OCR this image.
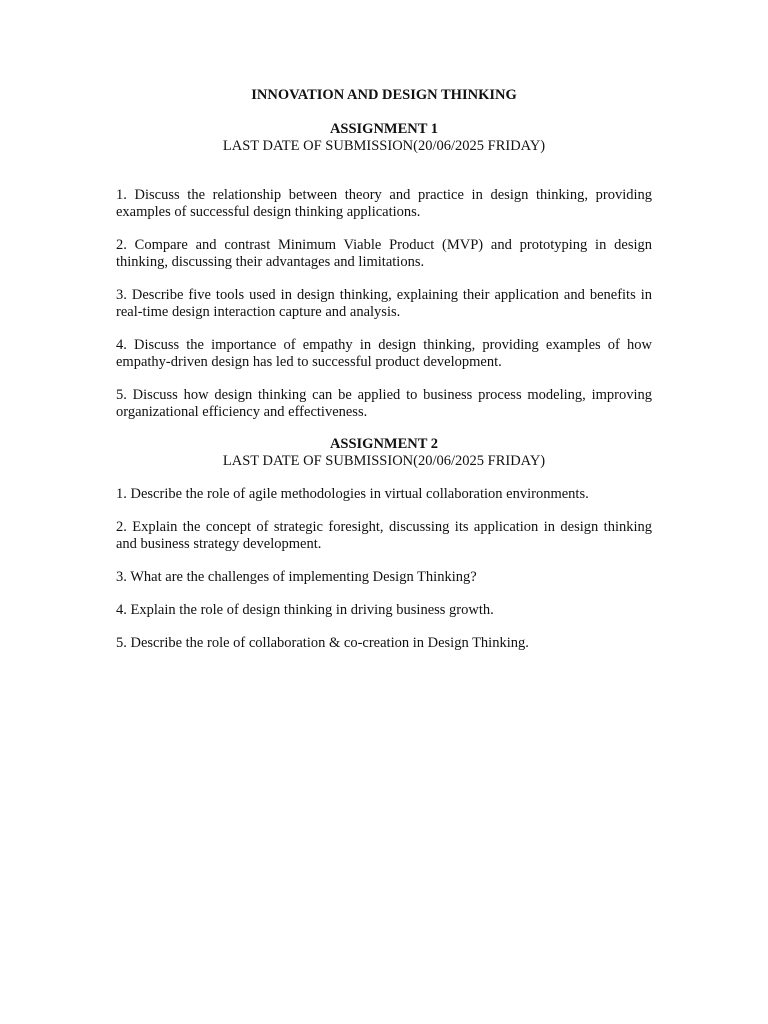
INNOVATION AND DESIGN THINKING
ASSIGNMENT 1
LAST DATE OF SUBMISSION(20/06/2025 FRIDAY)

1. Discuss the relationship between theory and practice in design thinking, providing examples of successful design thinking applications.

2. Compare and contrast Minimum Viable Product (MVP) and prototyping in design thinking, discussing their advantages and limitations.

3. Describe five tools used in design thinking, explaining their application and benefits in real-time design interaction capture and analysis.

4. Discuss the importance of empathy in design thinking, providing examples of how empathy-driven design has led to successful product development.

5. Discuss how design thinking can be applied to business process modeling, improving organizational efficiency and effectiveness.

ASSIGNMENT 2
LAST DATE OF SUBMISSION(20/06/2025 FRIDAY)

1. Describe the role of agile methodologies in virtual collaboration environments.

2. Explain the concept of strategic foresight, discussing its application in design thinking and business strategy development.

3. What are the challenges of implementing Design Thinking?

4. Explain the role of design thinking in driving business growth.

5. Describe the role of collaboration & co-creation in Design Thinking.
